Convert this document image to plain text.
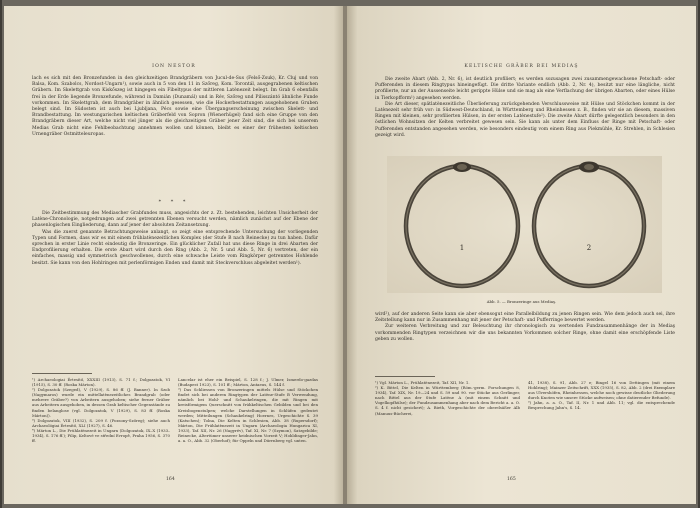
ION NESTOR

lach es sich mit den Bronzefunden in den gleichzeitigen Brandgräbern von Jucul-de-Sus (Felső-Zsuk), Kr. Cluj und von Balsa, Kom. Szabolcs, Nordost-Ungarn¹), sowie auch in 5 von den 11 in Szőreg, Kom. Torontál, ausgegrabenen keltischen Gräbern. Im Skelettgrab von Kiskőszeg ist hingegen ein Fibeltypus der mittleren Latènezeit belegt. Im Grab 6 ebenfalls frei in der Erde liegende Bronzefunde, während in Damián (Dunamál) und in Rév, Szőreg und Pilisszántó ähnliche Funde vorkommen. Im Skelettgrab, dem Brandgräber in ähnlich gesessen, wie die Hockerbestattungen ausgehobenen Gruben belegt sind. Im Südosten ist auch bei Ljubljana, Pécs sowie eine Übergangserscheinung zwischen Skelett- und Brandbestattung. Im westungarischen keltischen Gräberfeld von Sopron (Wienerhügel) fand sich eine Gruppe von den Brandgräbern dieser Art, welche nicht viel jünger als die gleichzeitigen Gräber jener Zeit sind, die sich bei unserem Medias Grab nicht eine Fehlbeobachtung annehmen wollen und können, bleibt es einer der frühesten keltischen Urnengräber Ostmitteleuropas.

* * *

Die Zeitbestimmung des Mediascher Grabfundes muss, angesichts der z. Zt. bestehenden, leichten Unsicherheit der Latène-Chronologie, notgedrungen auf zwei getrennten Ebenen versucht werden, nämlich zunächst auf der Ebene der phasenlogischen Eingliederung, dann auf jener der absoluten Zeitansetzung.

Was die zuerst genannte Betrachtungsweise anlangt, so zeigt eine entsprechende Untersuchung der vorliegenden Typen und Formen, dass wir es mit einem frühlatènezeitlichen Komplex (der Stufe B nach Reinecke) zu tun haben. Dafür sprechen in erster Linie recht eindeutig die Bronzeringe. Ein glücklicher Zufall hat uns diese Ringe in drei Abarten der Endprofilierung erhalten. Die erste Abart wird durch den Ring (Abb. 2, Nr. 5 und Abb. 5, Nr. 6) vertreten, der ein einfaches, massig und symmetrisch geschwollenes, durch eine schwache Leiste vom Ringkörper getrenntes Hohlende besitzt. Sie kann von den Hohlringen mit perlenförmigen Enden und damit mit Steckverschluss abgeleitet werden¹).

¹) Archaeologiai Értesítő, XXXIII (1913), S. 71 f.; Dolgozatok, VI (1915), S. 30 ff. (Roska Márton).

²) Dolgozatok (Szeged), V (1929), S. 86 ff. (J. Banner). In Szob (Nagymaros) wurde ein mittellatènezeitliches Brandgrab (oder mehrere Gräber?) von Arbeitern ausgehoben; siehe ferner Gräber aus Arbeitern ausgehoben, in dessen Grab keltischer Gegenstände zu finden belanglose (vgl. Dolgozatok, V (1929), S. 83 ff. (Roska Márton)).

³) Dolgozatok, VIII (1932), S. 209 f. (Pozsony-Szőreg); siehe auch Archaeológiai Értesítő, XLI (1927), S. 46.

⁴) Márton L., Die Frühlatènezeit in Ungarn (Dolgozatok, IX–X (1933–1934), S. 176 ff.); Filip, Keltové ve střední Evropě, Praha 1956, S. 370 ff.

Lancelar ist eher ein Beispiel, S. 128 f.; J. Ulmer, Ismerdo-gazdas (Budapest 1923), S. 101 ff.; Márton, Antaeus, S. 144 f.

⁵) Das Schliessen von Bronzeringen mittels Hülse und Stöckchen findet sich bei anderen Ringtypen der Latène-Stufe B Verwendung, nämlich bei Hohl- und Schaukelringen, die mit Ringen mit kreisförmigem Querschnitt von frühkeltischen Gebilden und bei den Kreisbogenstulpen; welche Darstellungen in Schlüfen gedeutet werden; Mitteilungen (Schaukelring) Hoernes, Urgeschichte S. 39 (Katschen); Tolna, Die Kelten in Schlesien, Abb. 38 (Rupersdorf); Márton, Die Frühlatènezeit in Ungarn (Archaeologia Hungarica XI, 1933), Taf. XII, Nr. 26 (Nagyrév), Taf. XI, Nr. 7 (Szymon), Satzgebilde; Reinecke, Altertümer unserer heidnischen Vorzeit V; Hohldinger-Jahn, a. a. O., Abb. 32 (Oberhof); für Oppeln und Dürrnberg vgl. unten.

164
KELTISCHE GRÄBER BEI MEDIAŞ

Die zweite Abart (Abb. 2, Nr. 6), ist deutlich profiliert; es werden sozusagen zwei zusammengewachsene Petschaft- oder Pufferenden in diesem Ringtypus hineingefügt. Die dritte Variante endlich (Abb. 2, Nr. 4), besitzt nur eine längliche, nicht profilierte, nur an der Aussenseite leicht gerippte Hülse und sie mag als eine Verflachung der übrigen Abarten, oder eines Hülse in Tierkopfform¹) angesehen werden.

Die Art dieser, spätlatènezeitliche Überlieferung zurückgehenden Verschlussweise mit Hülse und Stöckchen kommt in der Latènezeit sehr früh vor: in Südwest-Deutschland, in Württemberg und Rheinhessen z. B., finden wir sie an diesem, massiven Ringen mit kleinen, sehr profilierten Hülsen, in der ersten Latènestufe²). Die zweite Abart dürfte gelegentlich besonders in den östlichen Wohnsitzen der Kelten verbreitet gewesen sein. Sie kann als unter dem Einfluss der Ringe mit Petschaft- oder Pufferenden entstanden angesehen werden, wie besonders eindeutig vom einem Ring aus Piekmühle, Kr. Strehlen, in Schlesien gezeigt wird.

1	2
Abb. 5. — Bronzeringe aus Mediaş.

wird²), auf der anderen Seite kann sie aber ebensogut eine Parallelbildung zu jenen Ringen sein. Wie dem jedoch auch sei, ihre Zeitstellung kann nur in Zusammenhang mit jener der Petschaft- und Pufferringe bewertet werden.

Zur weiteren Verbreitung und zur Beleuchtung ihr chronologisch zu wertenden Fundzusammenhänge der in Mediaş vorkommenden Ringtypen verzeichnen wir die uns bekannten Vorkommen solcher Ringe, ohne damit eine erschöpfende Liste geben zu wollen.

¹) Vgl. Márton L., Frühlatènezeit, Taf. XII, Nr. 1.

²) K. Bittel, Die Kelten in Württemberg (Röm.-germ. Forschungen 8, 1934), Taf. XIX, Nr. 19—24 und S. 59 und 90. vor Stücke aus Gerlinger, nach Bittel aus der Stufe Latène A (mit einem Schnitt und Vogelkopfhülse); der Fundzusammenhang aber nach dem Bericht a. a. O. S. 4 f. nicht gesichert); A. Bieth, Vorgeschichte der oberelsäßer Alb (Manuus-Bücherei,

41, 1938), S. 91, Abb. 27 e; Bingel 16 von Dettingen (mit einem Hohlring); Mainzer Zeitschrift, XXX (1935), S. 82, Abb. 2 (drei Exemplare aus Ulvershöfen, Rheinhessen, welche noch gewisse deutliche Gliederung durch Knoten wie unsere Stücke aufweisen; ohne datierender Befunde).

³) Jahn, a. a. O., Taf. II, Nr. 1 und Abb. 11; vgl. die entsprechende Besprechung Jahn's, S. 14.

165
